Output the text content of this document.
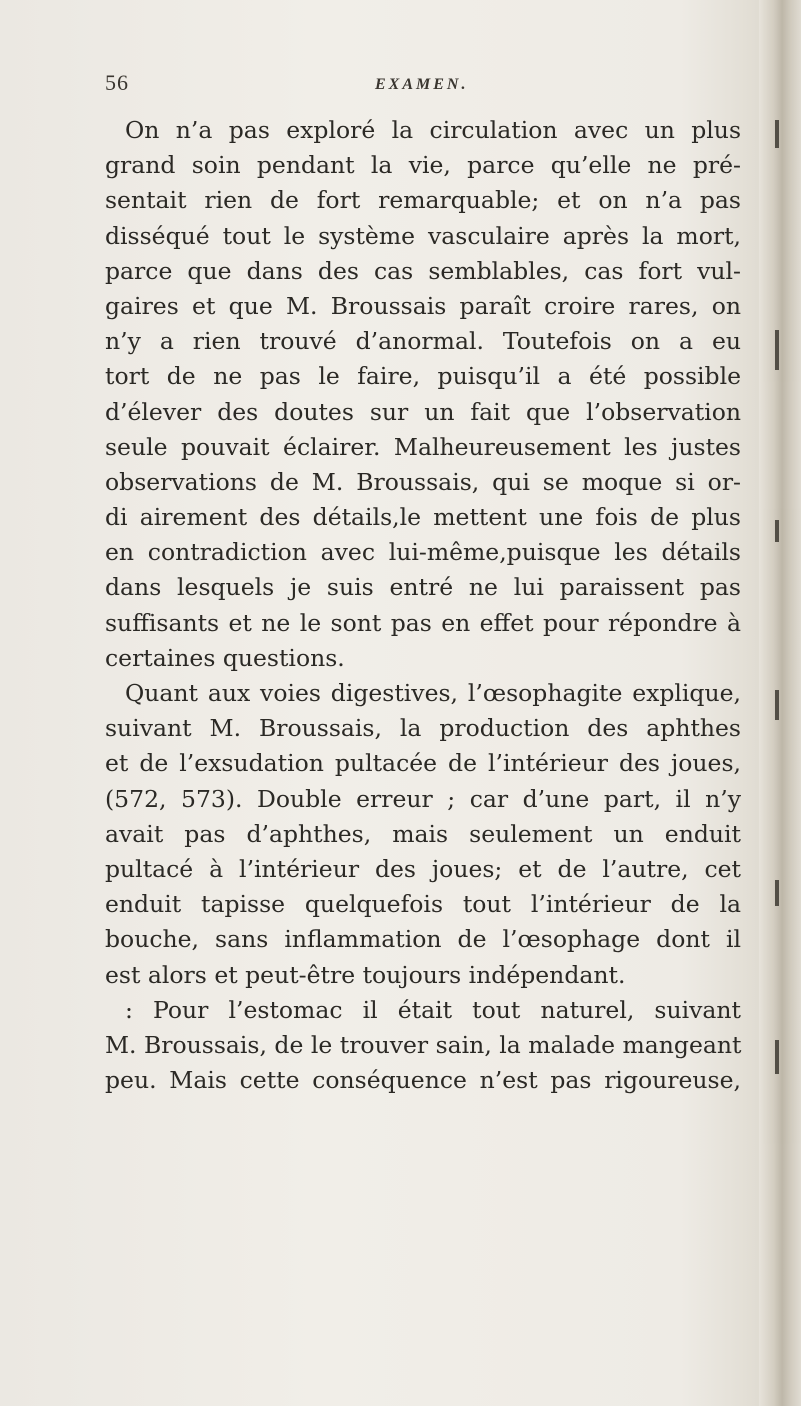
56	EXAMEN.
On n’a pas exploré la circulation avec un plus
grand soin pendant la vie, parce qu’elle ne pré-
sentait rien de fort remarquable; et on n’a pas
disséqué tout le système vasculaire après la mort,
parce que dans des cas semblables, cas fort vul-
gaires et que M. Broussais paraît croire rares, on
n’y a rien trouvé d’anormal. Toutefois on a eu
tort de ne pas le faire, puisqu’il a été possible
d’élever des doutes sur un fait que l’observation
seule pouvait éclairer. Malheureusement les justes
observations de M. Broussais, qui se moque si or-
di airement des détails,le mettent une fois de plus
en contradiction avec lui-même,puisque les détails
dans lesquels je suis entré ne lui paraissent pas
suffisants et ne le sont pas en effet pour répondre à
certaines questions.
Quant aux voies digestives, l’œsophagite explique,
suivant M. Broussais, la production des aphthes
et de l’exsudation pultacée de l’intérieur des joues,
(572, 573). Double erreur ; car d’une part, il n’y
avait pas d’aphthes, mais seulement un enduit
pultacé à l’intérieur des joues; et de l’autre, cet
enduit tapisse quelquefois tout l’intérieur de la
bouche, sans inflammation de l’œsophage dont il
est alors et peut-être toujours indépendant.
: Pour l’estomac il était tout naturel, suivant
M. Broussais, de le trouver sain, la malade mangeant
peu. Mais cette conséquence n’est pas rigoureuse,
